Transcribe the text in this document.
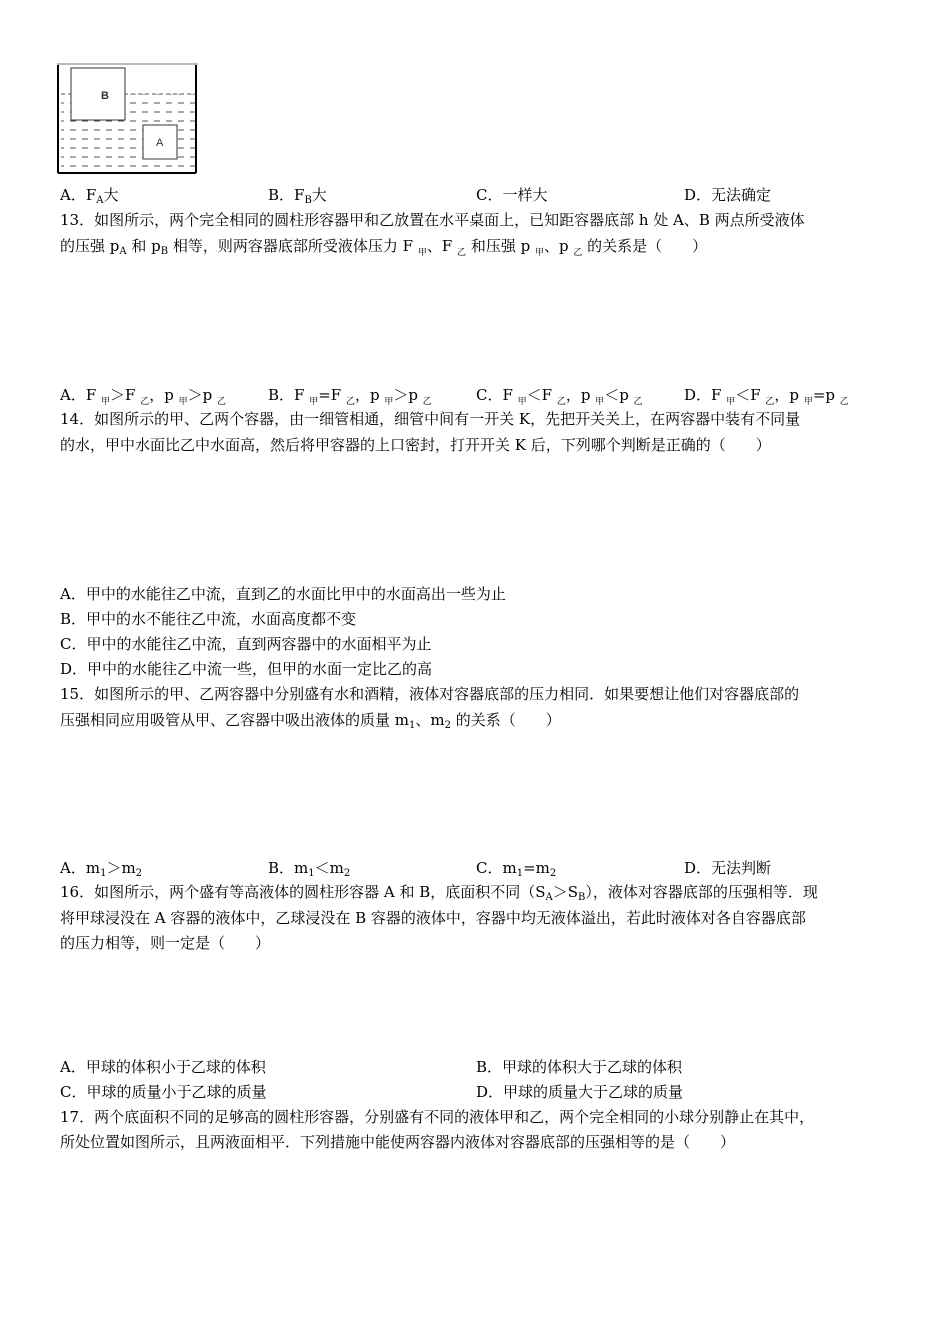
B
A
A．$F_A$大	B．$F_B$大	C．一样大	D．无法确定
13．如图所示，两个完全相同的圆柱形容器甲和乙放置在水平桌面上，已知距容器底部 h 处 A、B 两点所受液体
的压强 $p_A$ 和 $p_B$ 相等，则两容器底部所受液体压力 F $_甲$、F $_乙$ 和压强 p $_甲$、p $_乙$ 的关系是（　　）
A．F $_甲$＞F $_乙$，p $_甲$＞p $_乙$	B．F $_甲$=F $_乙$，p $_甲$＞p $_乙$	C．F $_甲$＜F $_乙$，p $_甲$＜p $_乙$	D．F $_甲$＜F $_乙$，p $_甲$=p $_乙$
14．如图所示的甲、乙两个容器，由一细管相通，细管中间有一开关 K，先把开关关上，在两容器中装有不同量
的水，甲中水面比乙中水面高，然后将甲容器的上口密封，打开开关 K 后，下列哪个判断是正确的（　　）
A．甲中的水能往乙中流，直到乙的水面比甲中的水面高出一些为止
B．甲中的水不能往乙中流，水面高度都不变
C．甲中的水能往乙中流，直到两容器中的水面相平为止
D．甲中的水能往乙中流一些，但甲的水面一定比乙的高
15．如图所示的甲、乙两容器中分别盛有水和酒精，液体对容器底部的压力相同．如果要想让他们对容器底部的
压强相同应用吸管从甲、乙容器中吸出液体的质量 $m_1$、$m_2$ 的关系（　　）
A．$m_1>m_2$	B．$m_1<m_2$	C．$m_1=m_2$	D．无法判断
16．如图所示，两个盛有等高液体的圆柱形容器 A 和 B，底面积不同$(S_A>S_B)$，液体对容器底部的压强相等．现
将甲球浸没在 A 容器的液体中，乙球浸没在 B 容器的液体中，容器中均无液体溢出，若此时液体对各自容器底部
的压力相等，则一定是（　　）
A．甲球的体积小于乙球的体积	B．甲球的体积大于乙球的体积
C．甲球的质量小于乙球的质量	D．甲球的质量大于乙球的质量
17．两个底面积不同的足够高的圆柱形容器，分别盛有不同的液体甲和乙，两个完全相同的小球分别静止在其中，
所处位置如图所示，且两液面相平．下列措施中能使两容器内液体对容器底部的压强相等的是（　　）
